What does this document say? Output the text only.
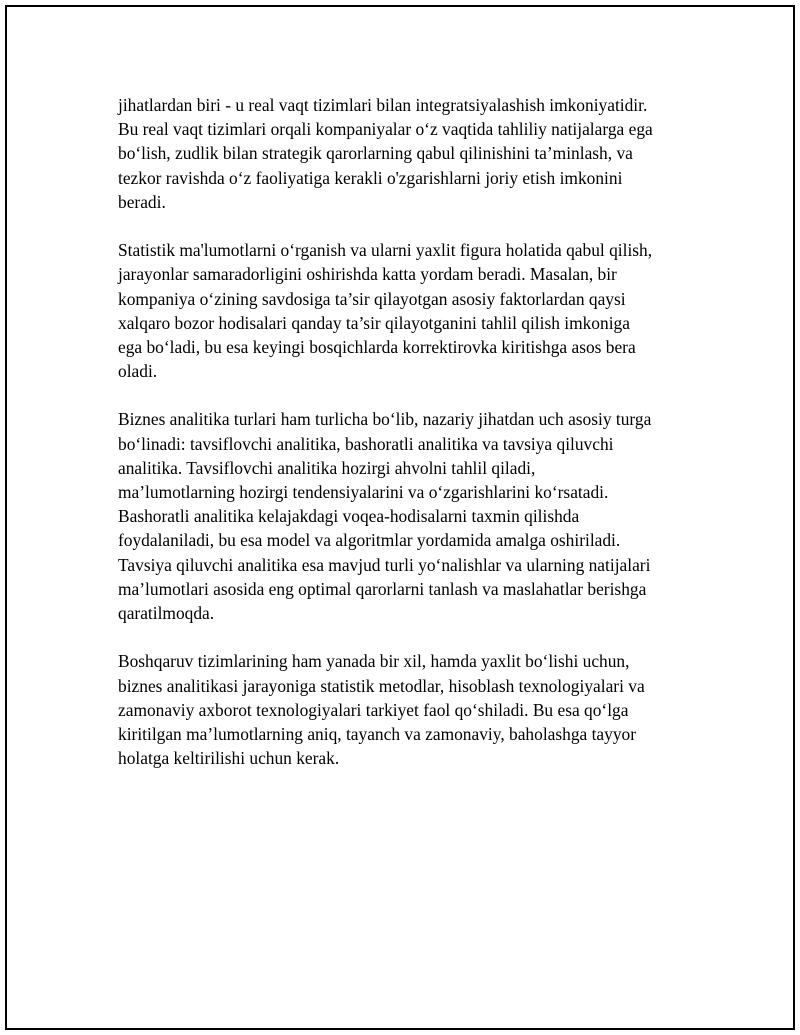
jihatlardan biri - u real vaqt tizimlari bilan integratsiyalashish imkoniyatidir.
Bu real vaqt tizimlari orqali kompaniyalar o‘z vaqtida tahliliy natijalarga ega
bo‘lish, zudlik bilan strategik qarorlarning qabul qilinishini ta’minlash, va
tezkor ravishda o‘z faoliyatiga kerakli o'zgarishlarni joriy etish imkonini
beradi.

Statistik ma'lumotlarni o‘rganish va ularni yaxlit figura holatida qabul qilish,
jarayonlar samaradorligini oshirishda katta yordam beradi. Masalan, bir
kompaniya o‘zining savdosiga ta’sir qilayotgan asosiy faktorlardan qaysi
xalqaro bozor hodisalari qanday ta’sir qilayotganini tahlil qilish imkoniga
ega bo‘ladi, bu esa keyingi bosqichlarda korrektirovka kiritishga asos bera
oladi.

Biznes analitika turlari ham turlicha bo‘lib, nazariy jihatdan uch asosiy turga
bo‘linadi: tavsiflovchi analitika, bashoratli analitika va tavsiya qiluvchi
analitika. Tavsiflovchi analitika hozirgi ahvolni tahlil qiladi,
ma’lumotlarning hozirgi tendensiyalarini va o‘zgarishlarini ko‘rsatadi.
Bashoratli analitika kelajakdagi voqea-hodisalarni taxmin qilishda
foydalaniladi, bu esa model va algoritmlar yordamida amalga oshiriladi.
Tavsiya qiluvchi analitika esa mavjud turli yo‘nalishlar va ularning natijalari
ma’lumotlari asosida eng optimal qarorlarni tanlash va maslahatlar berishga
qaratilmoqda.

Boshqaruv tizimlarining ham yanada bir xil, hamda yaxlit bo‘lishi uchun,
biznes analitikasi jarayoniga statistik metodlar, hisoblash texnologiyalari va
zamonaviy axborot texnologiyalari tarkiyet faol qo‘shiladi. Bu esa qo‘lga
kiritilgan ma’lumotlarning aniq, tayanch va zamonaviy, baholashga tayyor
holatga keltirilishi uchun kerak.
